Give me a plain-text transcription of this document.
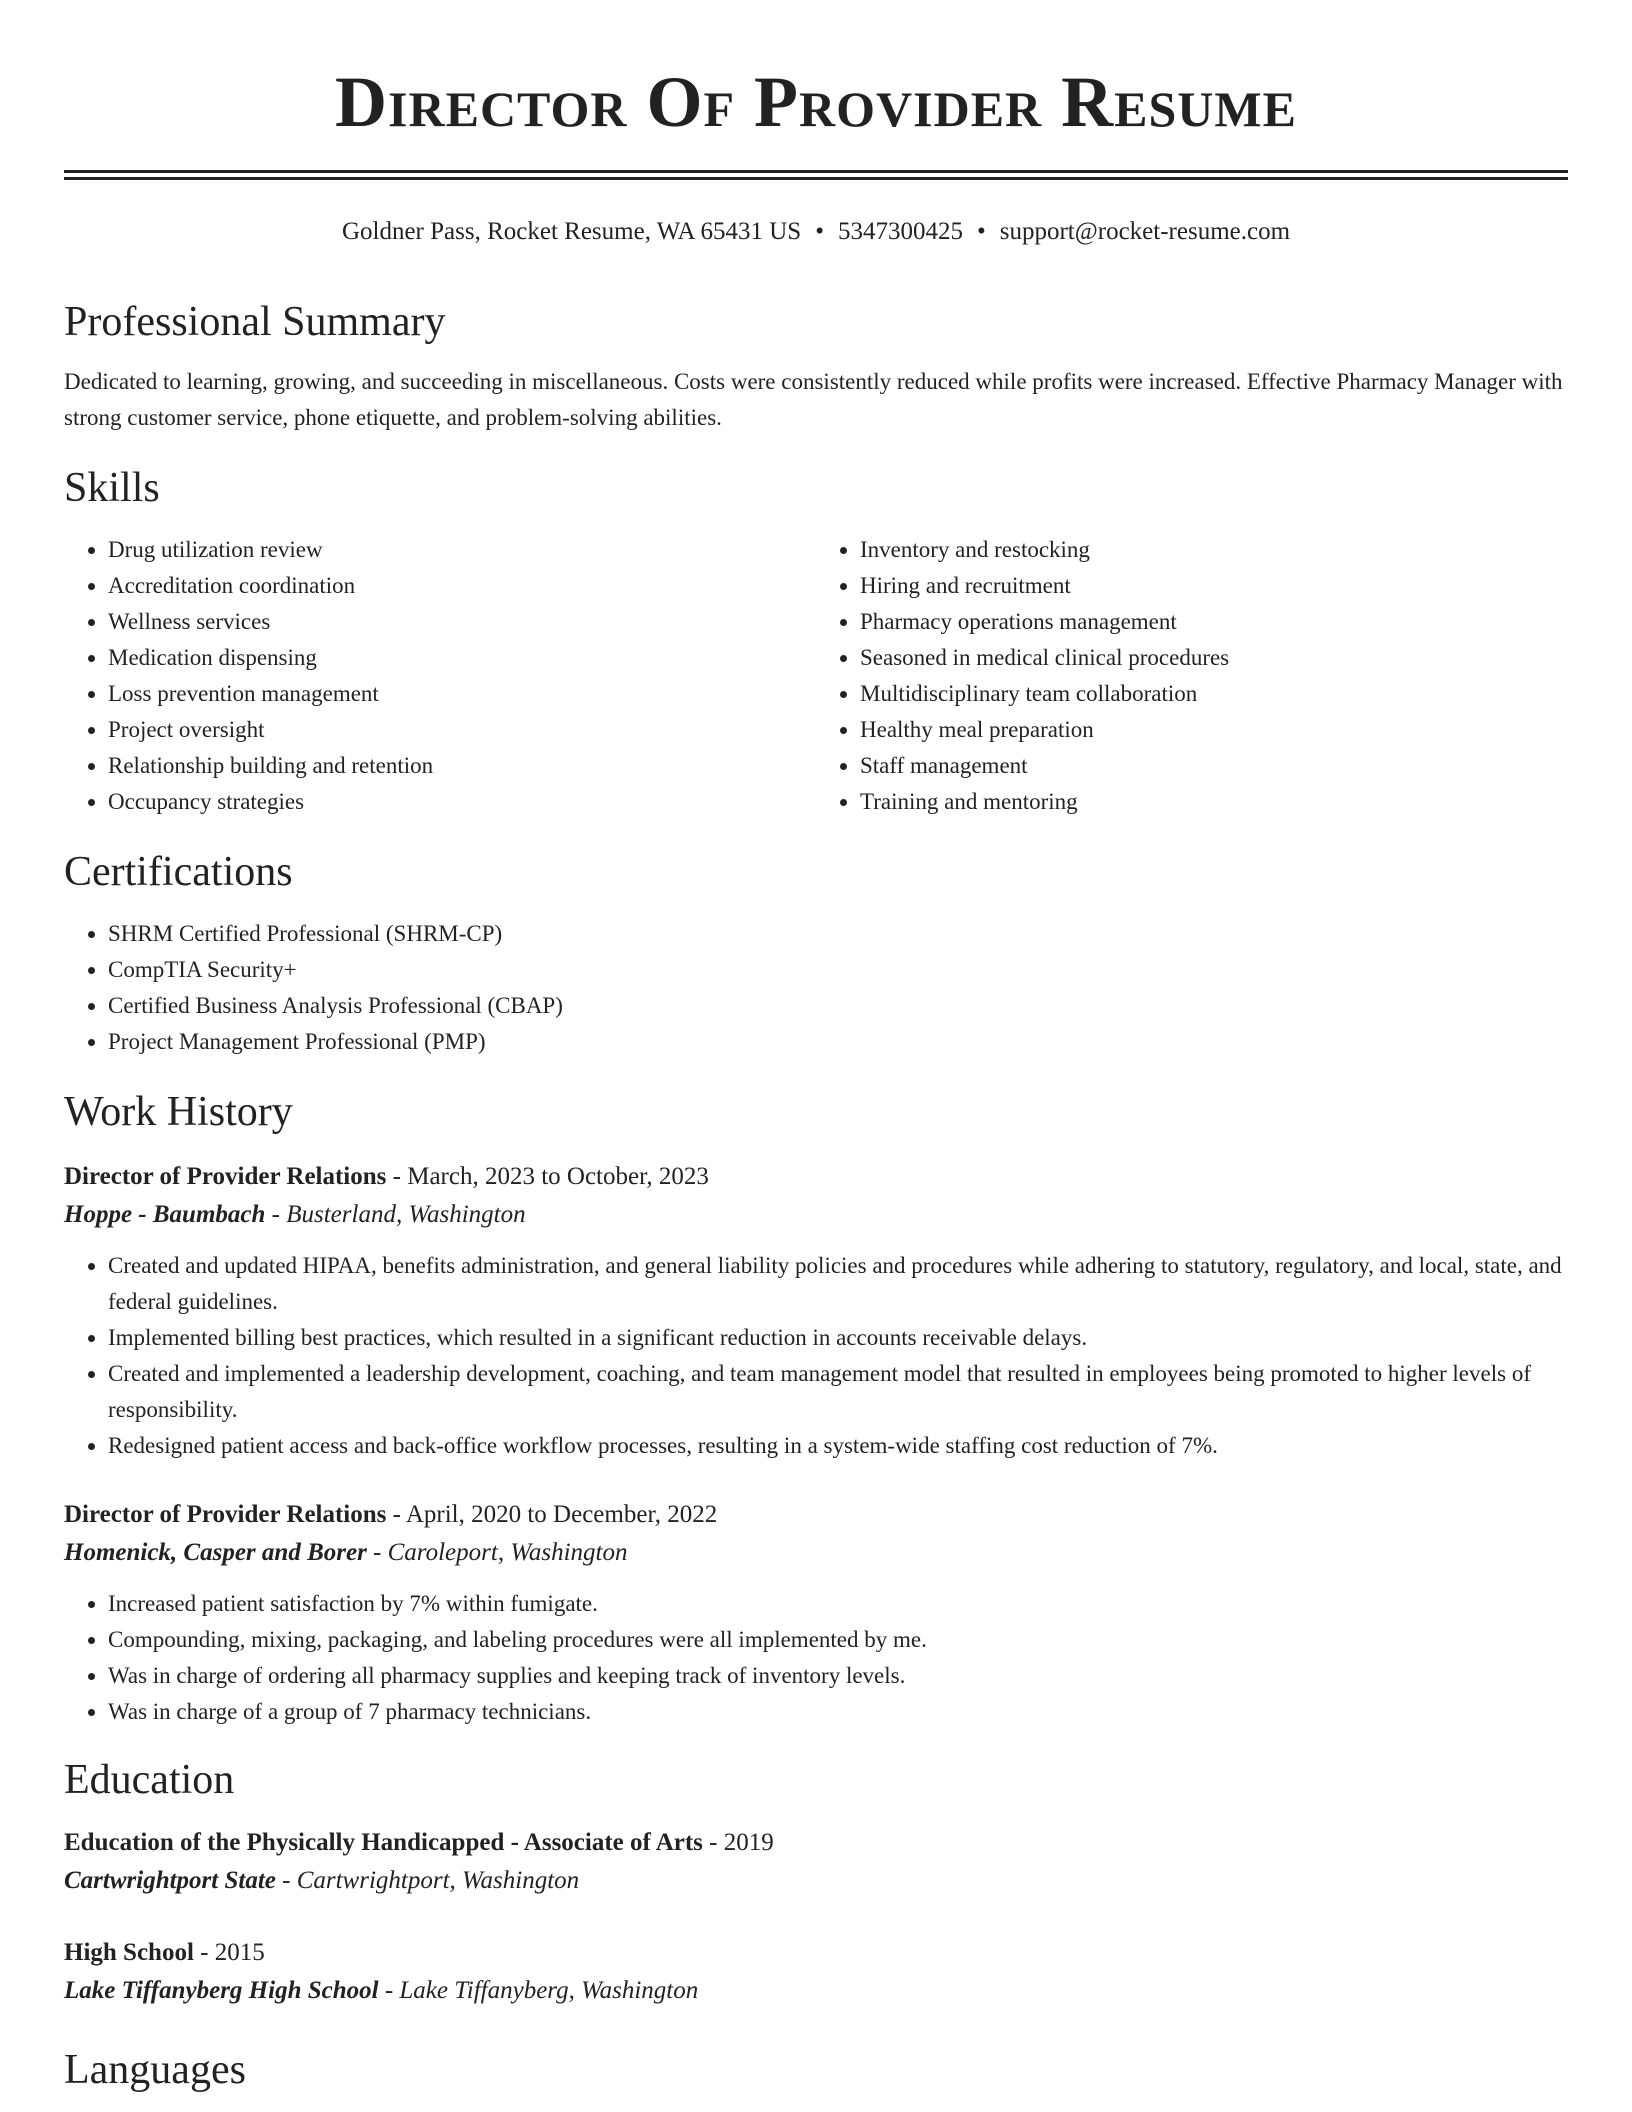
Director Of Provider Resume
Goldner Pass, Rocket Resume, WA 65431 US • 5347300425 • support@rocket-resume.com
Professional Summary

Dedicated to learning, growing, and succeeding in miscellaneous. Costs were consistently reduced while profits were increased. Effective Pharmacy Manager with strong customer service, phone etiquette, and problem-solving abilities.

Skills
• Drug utilization review
• Accreditation coordination
• Wellness services
• Medication dispensing
• Loss prevention management
• Project oversight
• Relationship building and retention
• Occupancy strategies
• Inventory and restocking
• Hiring and recruitment
• Pharmacy operations management
• Seasoned in medical clinical procedures
• Multidisciplinary team collaboration
• Healthy meal preparation
• Staff management
• Training and mentoring
Certifications
• SHRM Certified Professional (SHRM-CP)
• CompTIA Security+
• Certified Business Analysis Professional (CBAP)
• Project Management Professional (PMP)
Work History
Director of Provider Relations - March, 2023 to October, 2023
Hoppe - Baumbach - Busterland, Washington
• Created and updated HIPAA, benefits administration, and general liability policies and procedures while adhering to statutory, regulatory, and local, state, and federal guidelines.
• Implemented billing best practices, which resulted in a significant reduction in accounts receivable delays.
• Created and implemented a leadership development, coaching, and team management model that resulted in employees being promoted to higher levels of responsibility.
• Redesigned patient access and back-office workflow processes, resulting in a system-wide staffing cost reduction of 7%.
Director of Provider Relations - April, 2020 to December, 2022
Homenick, Casper and Borer - Caroleport, Washington
• Increased patient satisfaction by 7% within fumigate.
• Compounding, mixing, packaging, and labeling procedures were all implemented by me.
• Was in charge of ordering all pharmacy supplies and keeping track of inventory levels.
• Was in charge of a group of 7 pharmacy technicians.
Education
Education of the Physically Handicapped - Associate of Arts - 2019
Cartwrightport State - Cartwrightport, Washington
High School - 2015
Lake Tiffanyberg High School - Lake Tiffanyberg, Washington
Languages
